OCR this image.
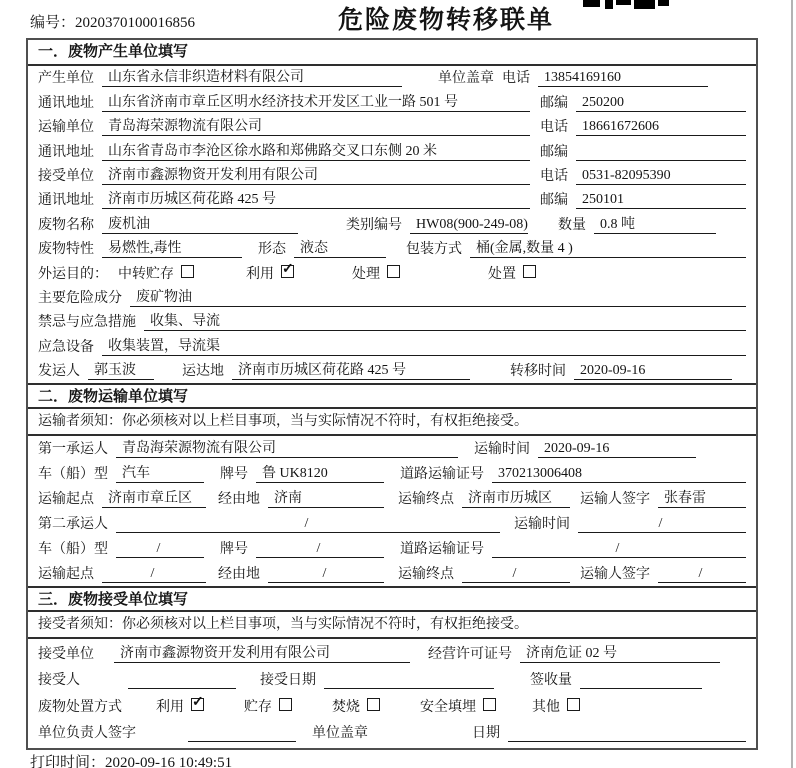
编号：2020370100016856	危险废物转移联单
一．废物产生单位填写
产生单位	山东省永信非织造材料有限公司	单位盖章 电话	13854169160
通讯地址	山东省济南市章丘区明水经济技术开发区工业一路 501 号	邮编	250200
运输单位	青岛海荣源物流有限公司	电话	18661672606
通讯地址	山东省青岛市李沧区徐水路和郑佛路交叉口东侧 20 米	邮编
接受单位	济南市鑫源物资开发利用有限公司	电话	0531-82095390
通讯地址	济南市历城区荷花路 425 号	邮编	250101
废物名称	废机油	类别编号	HW08(900-249-08) 数量	0.8 吨
废物特性	易燃性,毒性	形态	液态	包装方式	桶(金属,数量 4 )
外运目的： 中转贮存	利用 ✓	处理	处置
主要危险成分	废矿物油
禁忌与应急措施	收集、导流
应急设备	收集装置，导流渠
发运人	郭玉波	运达地	济南市历城区荷花路 425 号	转移时间	2020-09-16
二．废物运输单位填写
运输者须知：你必须核对以上栏目事项，当与实际情况不符时，有权拒绝接受。
第一承运人	青岛海荣源物流有限公司	运输时间	2020-09-16
车（船）型	汽车	牌号	鲁 UK8120	道路运输证号	370213006408
运输起点	济南市章丘区	经由地	济南	运输终点	济南市历城区	运输人签字	张春雷
第二承运人	/	运输时间	/
车（船）型	/	牌号	/	道路运输证号	/
运输起点	/	经由地	/	运输终点	/	运输人签字	/
三．废物接受单位填写
接受者须知：你必须核对以上栏目事项，当与实际情况不符时，有权拒绝接受。
接受单位	济南市鑫源物资开发利用有限公司	经营许可证号	济南危证 02 号
接受人	接受日期	签收量
废物处置方式 利用 ✓	贮存	焚烧	安全填埋	其他
单位负责人签字	单位盖章	日期
打印时间：2020-09-16 10:49:51
